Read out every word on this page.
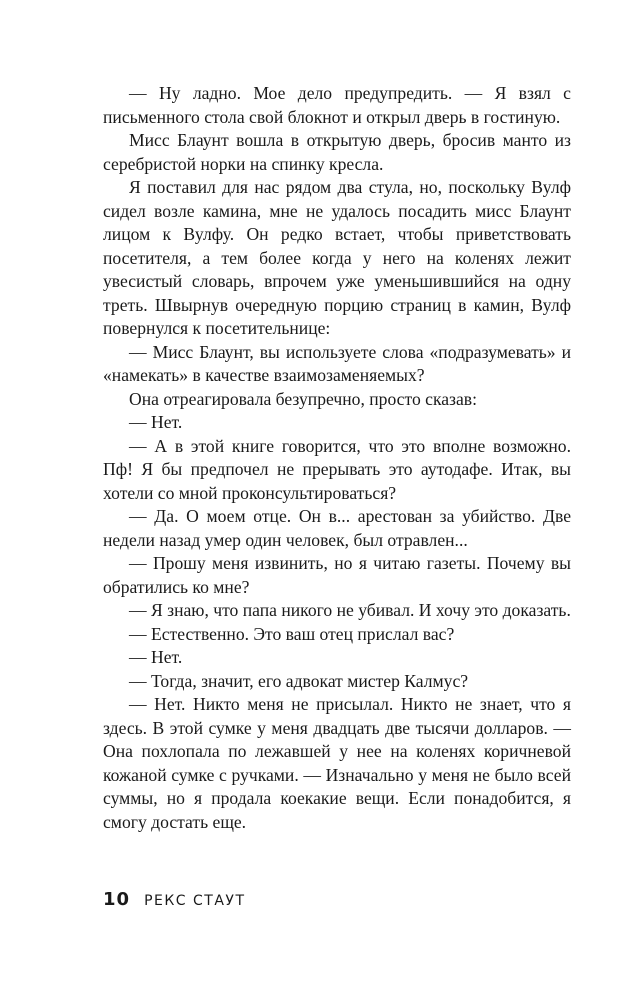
— Ну ладно. Мое дело предупредить. — Я взял с письменного стола свой блокнот и открыл дверь в гостиную.

Мисс Блаунт вошла в открытую дверь, бросив манто из серебристой норки на спинку кресла.

Я поставил для нас рядом два стула, но, поскольку Вулф сидел возле камина, мне не удалось посадить мисс Блаунт лицом к Вулфу. Он редко встает, чтобы приветствовать посетителя, а тем более когда у него на коленях лежит увесистый словарь, впрочем уже уменьшившийся на одну треть. Швырнув очередную порцию страниц в камин, Вулф повернулся к посетительнице:

— Мисс Блаунт, вы используете слова «подразумевать» и «намекать» в качестве взаимозаменяемых?

Она отреагировала безупречно, просто сказав:

— Нет.

— А в этой книге говорится, что это вполне возможно. Пф! Я бы предпочел не прерывать это аутодафе. Итак, вы хотели со мной проконсультироваться?

— Да. О моем отце. Он в... арестован за убийство. Две недели назад умер один человек, был отравлен...

— Прошу меня извинить, но я читаю газеты. Почему вы обратились ко мне?

— Я знаю, что папа никого не убивал. И хочу это доказать.

— Естественно. Это ваш отец прислал вас?

— Нет.

— Тогда, значит, его адвокат мистер Калмус?

— Нет. Никто меня не присылал. Никто не знает, что я здесь. В этой сумке у меня двадцать две тысячи долларов. — Она похлопала по лежавшей у нее на коленях коричневой кожаной сумке с ручками. — Изначально у меня не было всей суммы, но я продала коекакие вещи. Если понадобится, я смогу достать еще.

10 РЕКС СТАУТ
